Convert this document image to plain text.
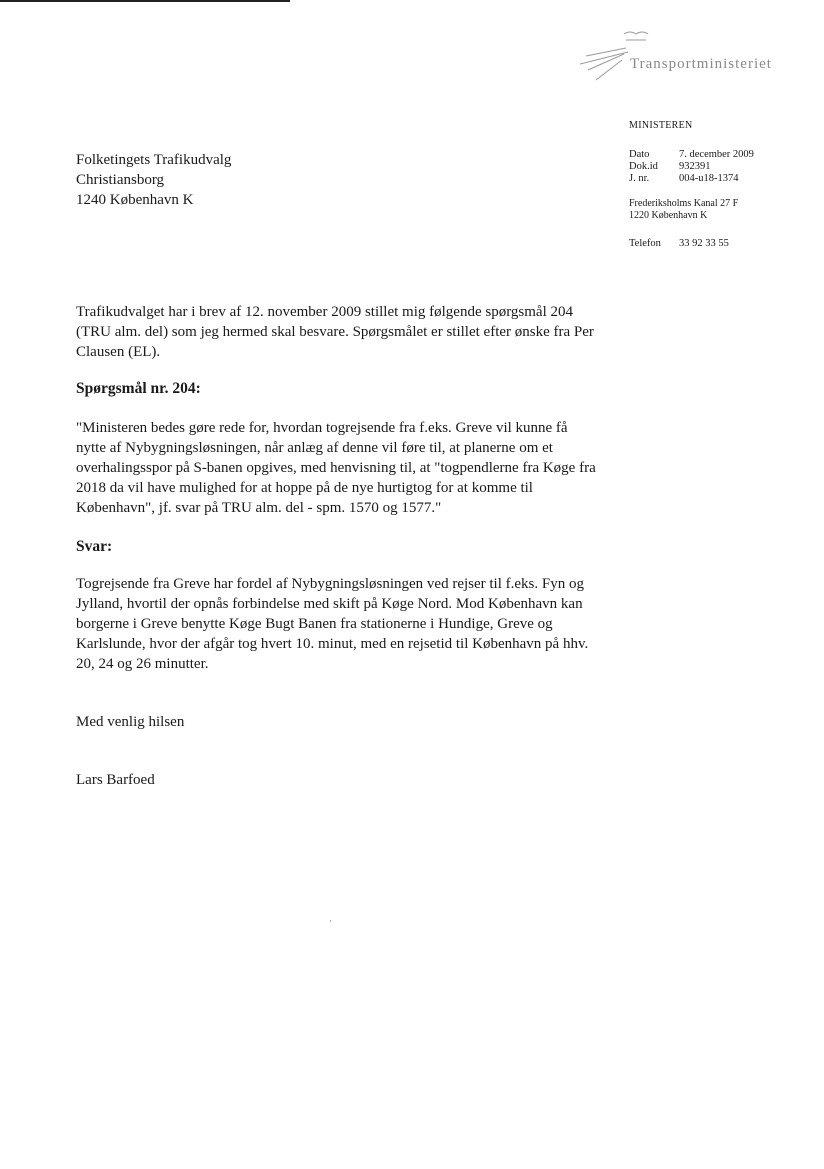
Transportministeriet
MINISTEREN
Dato	7. december 2009
Dok.id	932391
J. nr.	004-u18-1374
Frederiksholms Kanal 27 F
1220 København K
Telefon	33 92 33 55
Folketingets Trafikudvalg
Christiansborg
1240 København K
Trafikudvalget har i brev af 12. november 2009 stillet mig følgende spørgsmål 204 (TRU alm. del) som jeg hermed skal besvare. Spørgsmålet er stillet efter ønske fra Per Clausen (EL).
Spørgsmål nr. 204:
"Ministeren bedes gøre rede for, hvordan togrejsende fra f.eks. Greve vil kunne få nytte af Nybygningsløsningen, når anlæg af denne vil føre til, at planerne om et overhalingsspor på S-banen opgives, med henvisning til, at "togpendlerne fra Køge fra 2018 da vil have mulighed for at hoppe på de nye hurtigtog for at komme til København", jf. svar på TRU alm. del - spm. 1570 og 1577."
Svar:
Togrejsende fra Greve har fordel af Nybygningsløsningen ved rejser til f.eks. Fyn og Jylland, hvortil der opnås forbindelse med skift på Køge Nord. Mod København kan borgerne i Greve benytte Køge Bugt Banen fra stationerne i Hundige, Greve og Karlslunde, hvor der afgår tog hvert 10. minut, med en rejsetid til København på hhv. 20, 24 og 26 minutter.
Med venlig hilsen
Lars Barfoed
